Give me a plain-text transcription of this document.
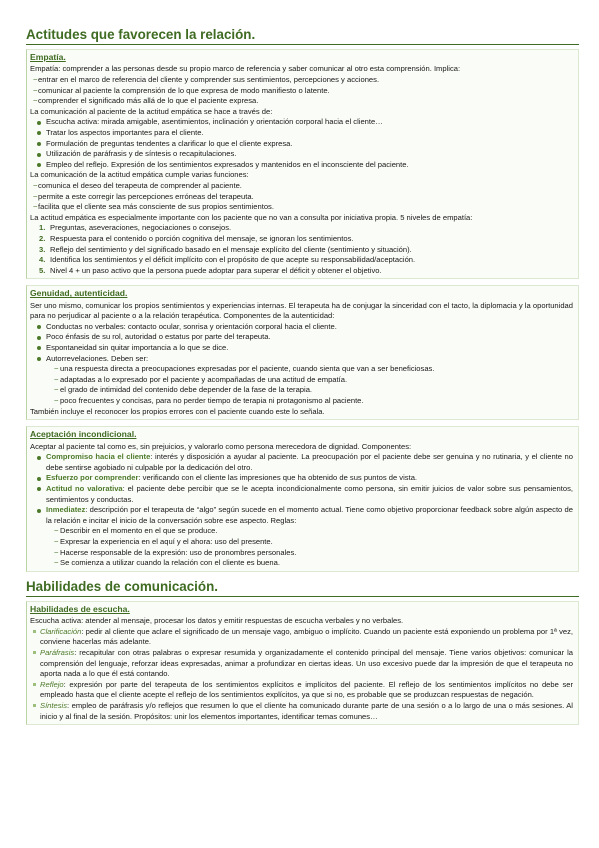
Actitudes que favorecen la relación.
Empatía.

Empatía: comprender a las personas desde su propio marco de referencia y saber comunicar al otro esta comprensión. Implica:

~ entrar en el marco de referencia del cliente y comprender sus sentimientos, percepciones y acciones.
~ comunicar al paciente la comprensión de lo que expresa de modo manifiesto o latente.
~ comprender el significado más allá de lo que el paciente expresa.

La comunicación al paciente de la actitud empática se hace a través de:

Escucha activa: mirada amigable, asentimientos, inclinación y orientación corporal hacia el cliente…
Tratar los aspectos importantes para el cliente.
Formulación de preguntas tendentes a clarificar lo que el cliente expresa.
Utilización de paráfrasis y de síntesis o recapitulaciones.
Empleo del reflejo. Expresión de los sentimientos expresados y mantenidos en el inconsciente del paciente.

La comunicación de la actitud empática cumple varias funciones:

~ comunica el deseo del terapeuta de comprender al paciente.
~ permite a este corregir las percepciones erróneas del terapeuta.
~ facilita que el cliente sea más consciente de sus propios sentimientos.

La actitud empática es especialmente importante con los paciente que no van a consulta por iniciativa propia. 5 niveles de empatía:

1. Preguntas, aseveraciones, negociaciones o consejos.
2. Respuesta para el contenido o porción cognitiva del mensaje, se ignoran los sentimientos.
3. Reflejo del sentimiento y del significado basado en el mensaje explícito del cliente (sentimiento y situación).
4. Identifica los sentimientos y el déficit implícito con el propósito de que acepte su responsabilidad/aceptación.
5. Nivel 4 + un paso activo que la persona puede adoptar para superar el déficit y obtener el objetivo.
Genuidad, autenticidad.

Ser uno mismo, comunicar los propios sentimientos y experiencias internas. El terapeuta ha de conjugar la sinceridad con el tacto, la diplomacia y la oportunidad para no perjudicar al paciente o a la relación terapéutica. Componentes de la autenticidad:

Conductas no verbales: contacto ocular, sonrisa y orientación corporal hacia el cliente.
Poco énfasis de su rol, autoridad o estatus por parte del terapeuta.
Espontaneidad sin quitar importancia a lo que se dice.
Autorrevelaciones. Deben ser:
~ una respuesta directa a preocupaciones expresadas por el paciente, cuando sienta que van a ser beneficiosas.
~ adaptadas a lo expresado por el paciente y acompañadas de una actitud de empatía.
~ el grado de intimidad del contenido debe depender de la fase de la terapia.
~ poco frecuentes y concisas, para no perder tiempo de terapia ni protagonismo al paciente.

También incluye el reconocer los propios errores con el paciente cuando este lo señala.

Aceptación incondicional.

Aceptar al paciente tal como es, sin prejuicios, y valorarlo como persona merecedora de dignidad. Componentes:

Compromiso hacia el cliente: interés y disposición a ayudar al paciente. La preocupación por el paciente debe ser genuina y no rutinaria, y el cliente no debe sentirse agobiado ni culpable por la dedicación del otro.

Esfuerzo por comprender: verificando con el cliente las impresiones que ha obtenido de sus puntos de vista.

Actitud no valorativa: el paciente debe percibir que se le acepta incondicionalmente como persona, sin emitir juicios de valor sobre sus pensamientos, sentimientos y conductas.

Inmediatez: descripción por el terapeuta de “algo” según sucede en el momento actual. Tiene como objetivo proporcionar feedback sobre algún aspecto de la relación e incitar el inicio de la conversación sobre ese aspecto. Reglas:

~ Describir en el momento en el que se produce.
~ Expresar la experiencia en el aquí y el ahora: uso del presente.
~ Hacerse responsable de la expresión: uso de pronombres personales.
~ Se comienza a utilizar cuando la relación con el cliente es buena.
Habilidades de comunicación.
Habilidades de escucha.

Escucha activa: atender al mensaje, procesar los datos y emitir respuestas de escucha verbales y no verbales.

Clarificación: pedir al cliente que aclare el significado de un mensaje vago, ambiguo o implícito. Cuando un paciente está exponiendo un problema por 1ª vez, conviene hacerlas más adelante.

Paráfrasis: recapitular con otras palabras o expresar resumida y organizadamente el contenido principal del mensaje. Tiene varios objetivos: comunicar la comprensión del lenguaje, reforzar ideas expresadas, animar a profundizar en ciertas ideas. Un uso excesivo puede dar la impresión de que el terapeuta no aporta nada a lo que él está contando.

Reflejo: expresión por parte del terapeuta de los sentimientos explícitos e implícitos del paciente. El reflejo de los sentimientos implícitos no debe ser empleado hasta que el cliente acepte el reflejo de los sentimientos explícitos, ya que si no, es probable que se produzcan respuestas de negación.

Síntesis: empleo de paráfrasis y/o reflejos que resumen lo que el cliente ha comunicado durante parte de una sesión o a lo largo de una o más sesiones. Al inicio y al final de la sesión. Propósitos: unir los elementos importantes, identificar temas comunes…
